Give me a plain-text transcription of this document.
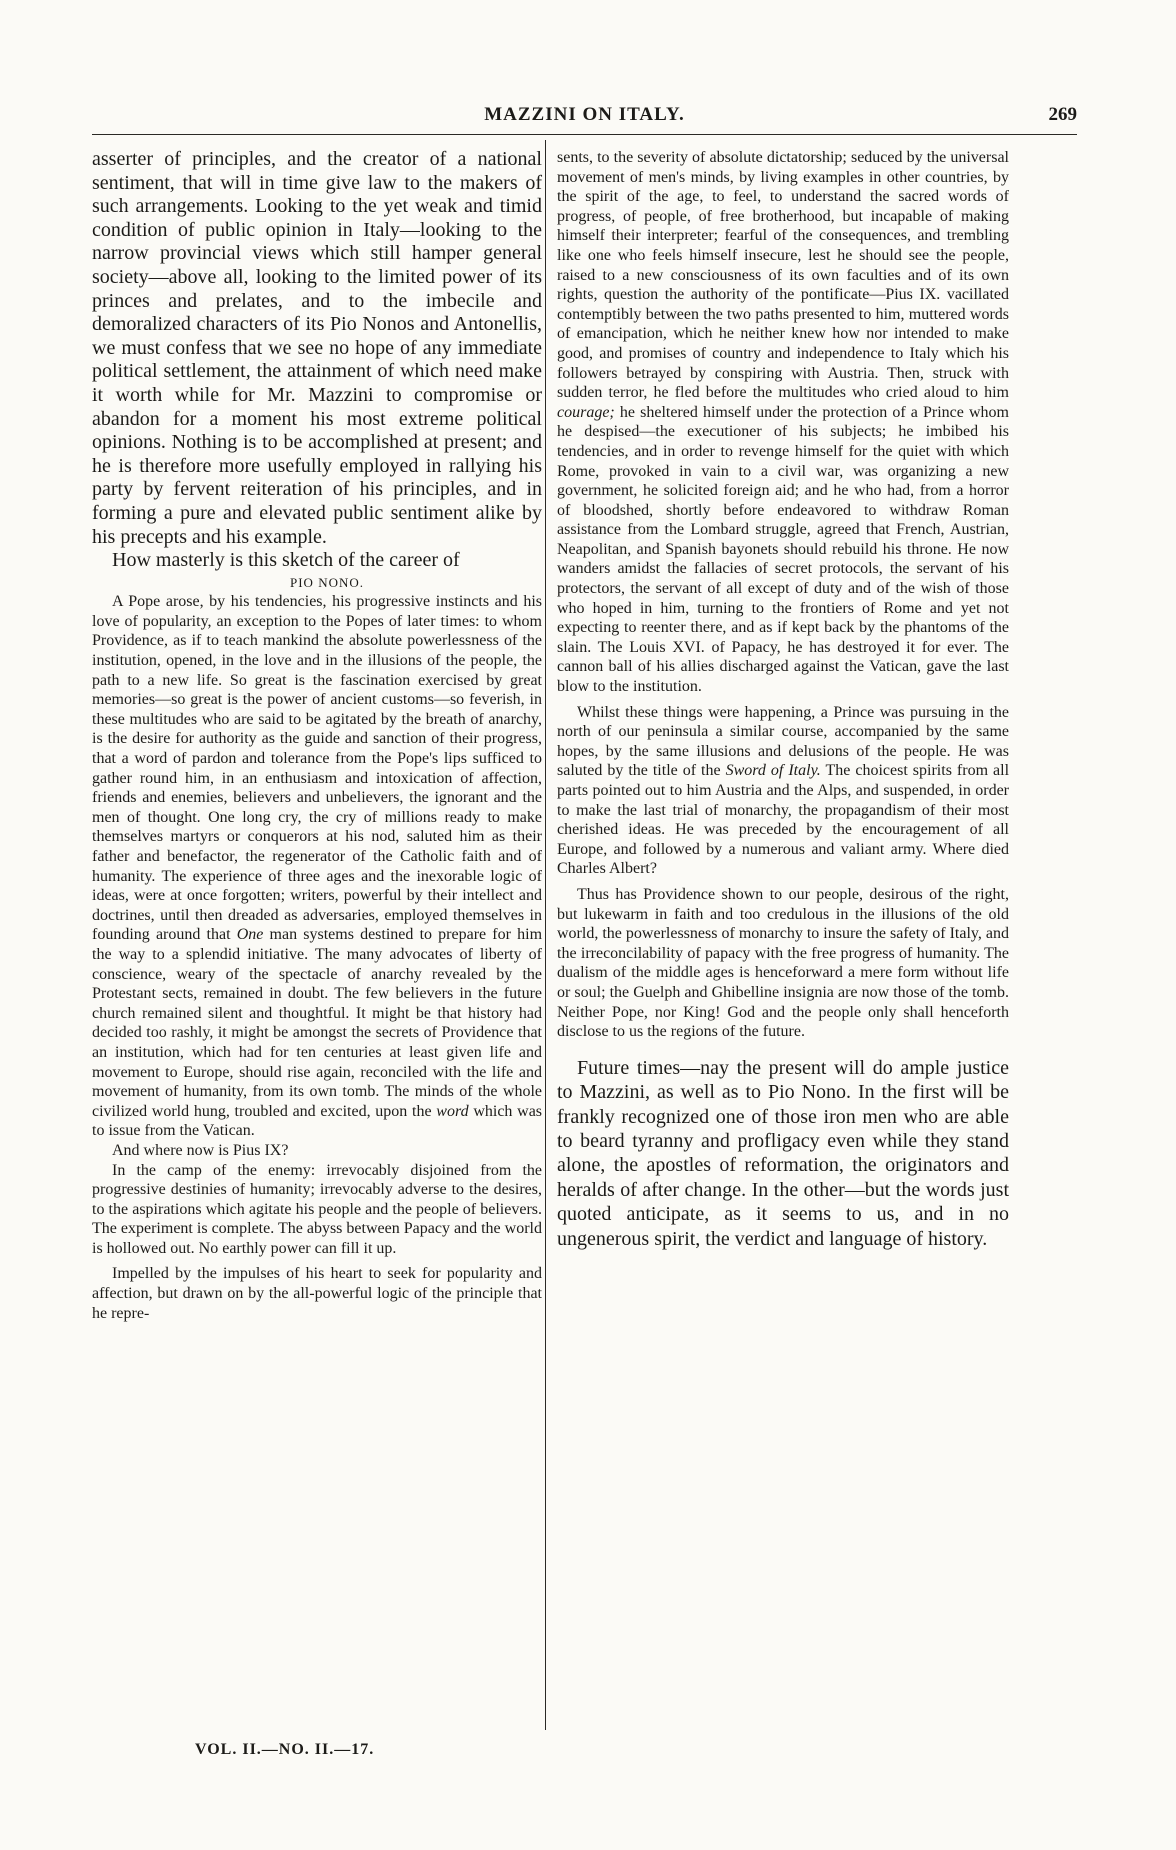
MAZZINI ON ITALY.	269

asserter of principles, and the creator of a national sentiment, that will in time give law to the makers of such arrangements. Looking to the yet weak and timid condition of public opinion in Italy—looking to the narrow provincial views which still hamper general society—above all, looking to the limited power of its princes and prelates, and to the imbecile and demoralized characters of its Pio Nonos and Antonellis, we must confess that we see no hope of any immediate political settlement, the attainment of which need make it worth while for Mr. Mazzini to compromise or abandon for a moment his most extreme political opinions. Nothing is to be accomplished at present; and he is therefore more usefully employed in rallying his party by fervent reiteration of his principles, and in forming a pure and elevated public sentiment alike by his precepts and his example.

How masterly is this sketch of the career of

PIO NONO.

A Pope arose, by his tendencies, his progressive instincts and his love of popularity, an exception to the Popes of later times: to whom Providence, as if to teach mankind the absolute powerlessness of the institution, opened, in the love and in the illusions of the people, the path to a new life. So great is the fascination exercised by great memories—so great is the power of ancient customs—so feverish, in these multitudes who are said to be agitated by the breath of anarchy, is the desire for authority as the guide and sanction of their progress, that a word of pardon and tolerance from the Pope's lips sufficed to gather round him, in an enthusiasm and intoxication of affection, friends and enemies, believers and unbelievers, the ignorant and the men of thought. One long cry, the cry of millions ready to make themselves martyrs or conquerors at his nod, saluted him as their father and benefactor, the regenerator of the Catholic faith and of humanity. The experience of three ages and the inexorable logic of ideas, were at once forgotten; writers, powerful by their intellect and doctrines, until then dreaded as adversaries, employed themselves in founding around that One man systems destined to prepare for him the way to a splendid initiative. The many advocates of liberty of conscience, weary of the spectacle of anarchy revealed by the Protestant sects, remained in doubt. The few believers in the future church remained silent and thoughtful. It might be that history had decided too rashly, it might be amongst the secrets of Providence that an institution, which had for ten centuries at least given life and movement to Europe, should rise again, reconciled with the life and movement of humanity, from its own tomb. The minds of the whole civilized world hung, troubled and excited, upon the word which was to issue from the Vatican.

And where now is Pius IX?

In the camp of the enemy: irrevocably disjoined from the progressive destinies of humanity; irrevocably adverse to the desires, to the aspirations which agitate his people and the people of believers. The experiment is complete. The abyss between Papacy and the world is hollowed out. No earthly power can fill it up.

Impelled by the impulses of his heart to seek for popularity and affection, but drawn on by the all-powerful logic of the principle that he repre-

sents, to the severity of absolute dictatorship; seduced by the universal movement of men's minds, by living examples in other countries, by the spirit of the age, to feel, to understand the sacred words of progress, of people, of free brotherhood, but incapable of making himself their interpreter; fearful of the consequences, and trembling like one who feels himself insecure, lest he should see the people, raised to a new consciousness of its own faculties and of its own rights, question the authority of the pontificate—Pius IX. vacillated contemptibly between the two paths presented to him, muttered words of emancipation, which he neither knew how nor intended to make good, and promises of country and independence to Italy which his followers betrayed by conspiring with Austria. Then, struck with sudden terror, he fled before the multitudes who cried aloud to him courage; he sheltered himself under the protection of a Prince whom he despised—the executioner of his subjects; he imbibed his tendencies, and in order to revenge himself for the quiet with which Rome, provoked in vain to a civil war, was organizing a new government, he solicited foreign aid; and he who had, from a horror of bloodshed, shortly before endeavored to withdraw Roman assistance from the Lombard struggle, agreed that French, Austrian, Neapolitan, and Spanish bayonets should rebuild his throne. He now wanders amidst the fallacies of secret protocols, the servant of his protectors, the servant of all except of duty and of the wish of those who hoped in him, turning to the frontiers of Rome and yet not expecting to reenter there, and as if kept back by the phantoms of the slain. The Louis XVI. of Papacy, he has destroyed it for ever. The cannon ball of his allies discharged against the Vatican, gave the last blow to the institution.

Whilst these things were happening, a Prince was pursuing in the north of our peninsula a similar course, accompanied by the same hopes, by the same illusions and delusions of the people. He was saluted by the title of the Sword of Italy. The choicest spirits from all parts pointed out to him Austria and the Alps, and suspended, in order to make the last trial of monarchy, the propagandism of their most cherished ideas. He was preceded by the encouragement of all Europe, and followed by a numerous and valiant army. Where died Charles Albert?

Thus has Providence shown to our people, desirous of the right, but lukewarm in faith and too credulous in the illusions of the old world, the powerlessness of monarchy to insure the safety of Italy, and the irreconcilability of papacy with the free progress of humanity. The dualism of the middle ages is henceforward a mere form without life or soul; the Guelph and Ghibelline insignia are now those of the tomb. Neither Pope, nor King! God and the people only shall henceforth disclose to us the regions of the future.

Future times—nay the present will do ample justice to Mazzini, as well as to Pio Nono. In the first will be frankly recognized one of those iron men who are able to beard tyranny and profligacy even while they stand alone, the apostles of reformation, the originators and heralds of after change. In the other—but the words just quoted anticipate, as it seems to us, and in no ungenerous spirit, the verdict and language of history.

VOL. II.—NO. II.—17.
